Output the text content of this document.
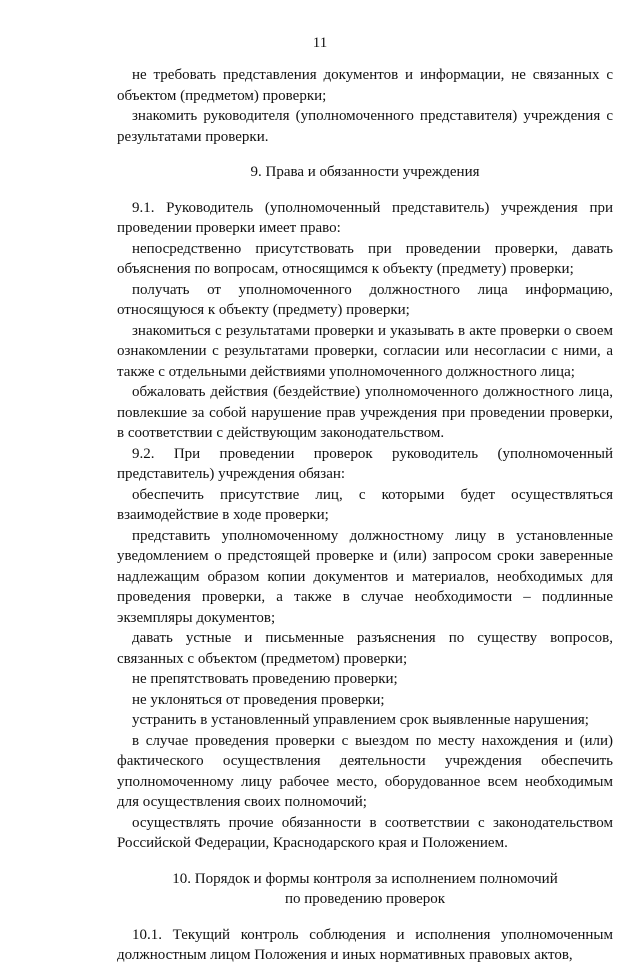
11

не требовать представления документов и информации, не связанных с объектом (предметом) проверки;

знакомить руководителя (уполномоченного представителя) учреждения с результатами проверки.

9. Права и обязанности учреждения

9.1. Руководитель (уполномоченный представитель) учреждения при проведении проверки имеет право:

непосредственно присутствовать при проведении проверки, давать объяснения по вопросам, относящимся к объекту (предмету) проверки;

получать от уполномоченного должностного лица информацию, относящуюся к объекту (предмету) проверки;

знакомиться с результатами проверки и указывать в акте проверки о своем ознакомлении с результатами проверки, согласии или несогласии с ними, а также с отдельными действиями уполномоченного должностного лица;

обжаловать действия (бездействие) уполномоченного должностного лица, повлекшие за собой нарушение прав учреждения при проведении проверки, в соответствии с действующим законодательством.

9.2. При проведении проверок руководитель (уполномоченный представитель) учреждения обязан:

обеспечить присутствие лиц, с которыми будет осуществляться взаимодействие в ходе проверки;

представить уполномоченному должностному лицу в установленные уведомлением о предстоящей проверке и (или) запросом сроки заверенные надлежащим образом копии документов и материалов, необходимых для проведения проверки, а также в случае необходимости – подлинные экземпляры документов;

давать устные и письменные разъяснения по существу вопросов, связанных с объектом (предметом) проверки;

не препятствовать проведению проверки;

не уклоняться от проведения проверки;

устранить в установленный управлением срок выявленные нарушения;

в случае проведения проверки с выездом по месту нахождения и (или) фактического осуществления деятельности учреждения обеспечить уполномоченному лицу рабочее место, оборудованное всем необходимым для осуществления своих полномочий;

осуществлять прочие обязанности в соответствии с законодательством Российской Федерации, Краснодарского края и Положением.

10. Порядок и формы контроля за исполнением полномочий
по проведению проверок

10.1. Текущий контроль соблюдения и исполнения уполномоченным должностным лицом Положения и иных нормативных правовых актов,
